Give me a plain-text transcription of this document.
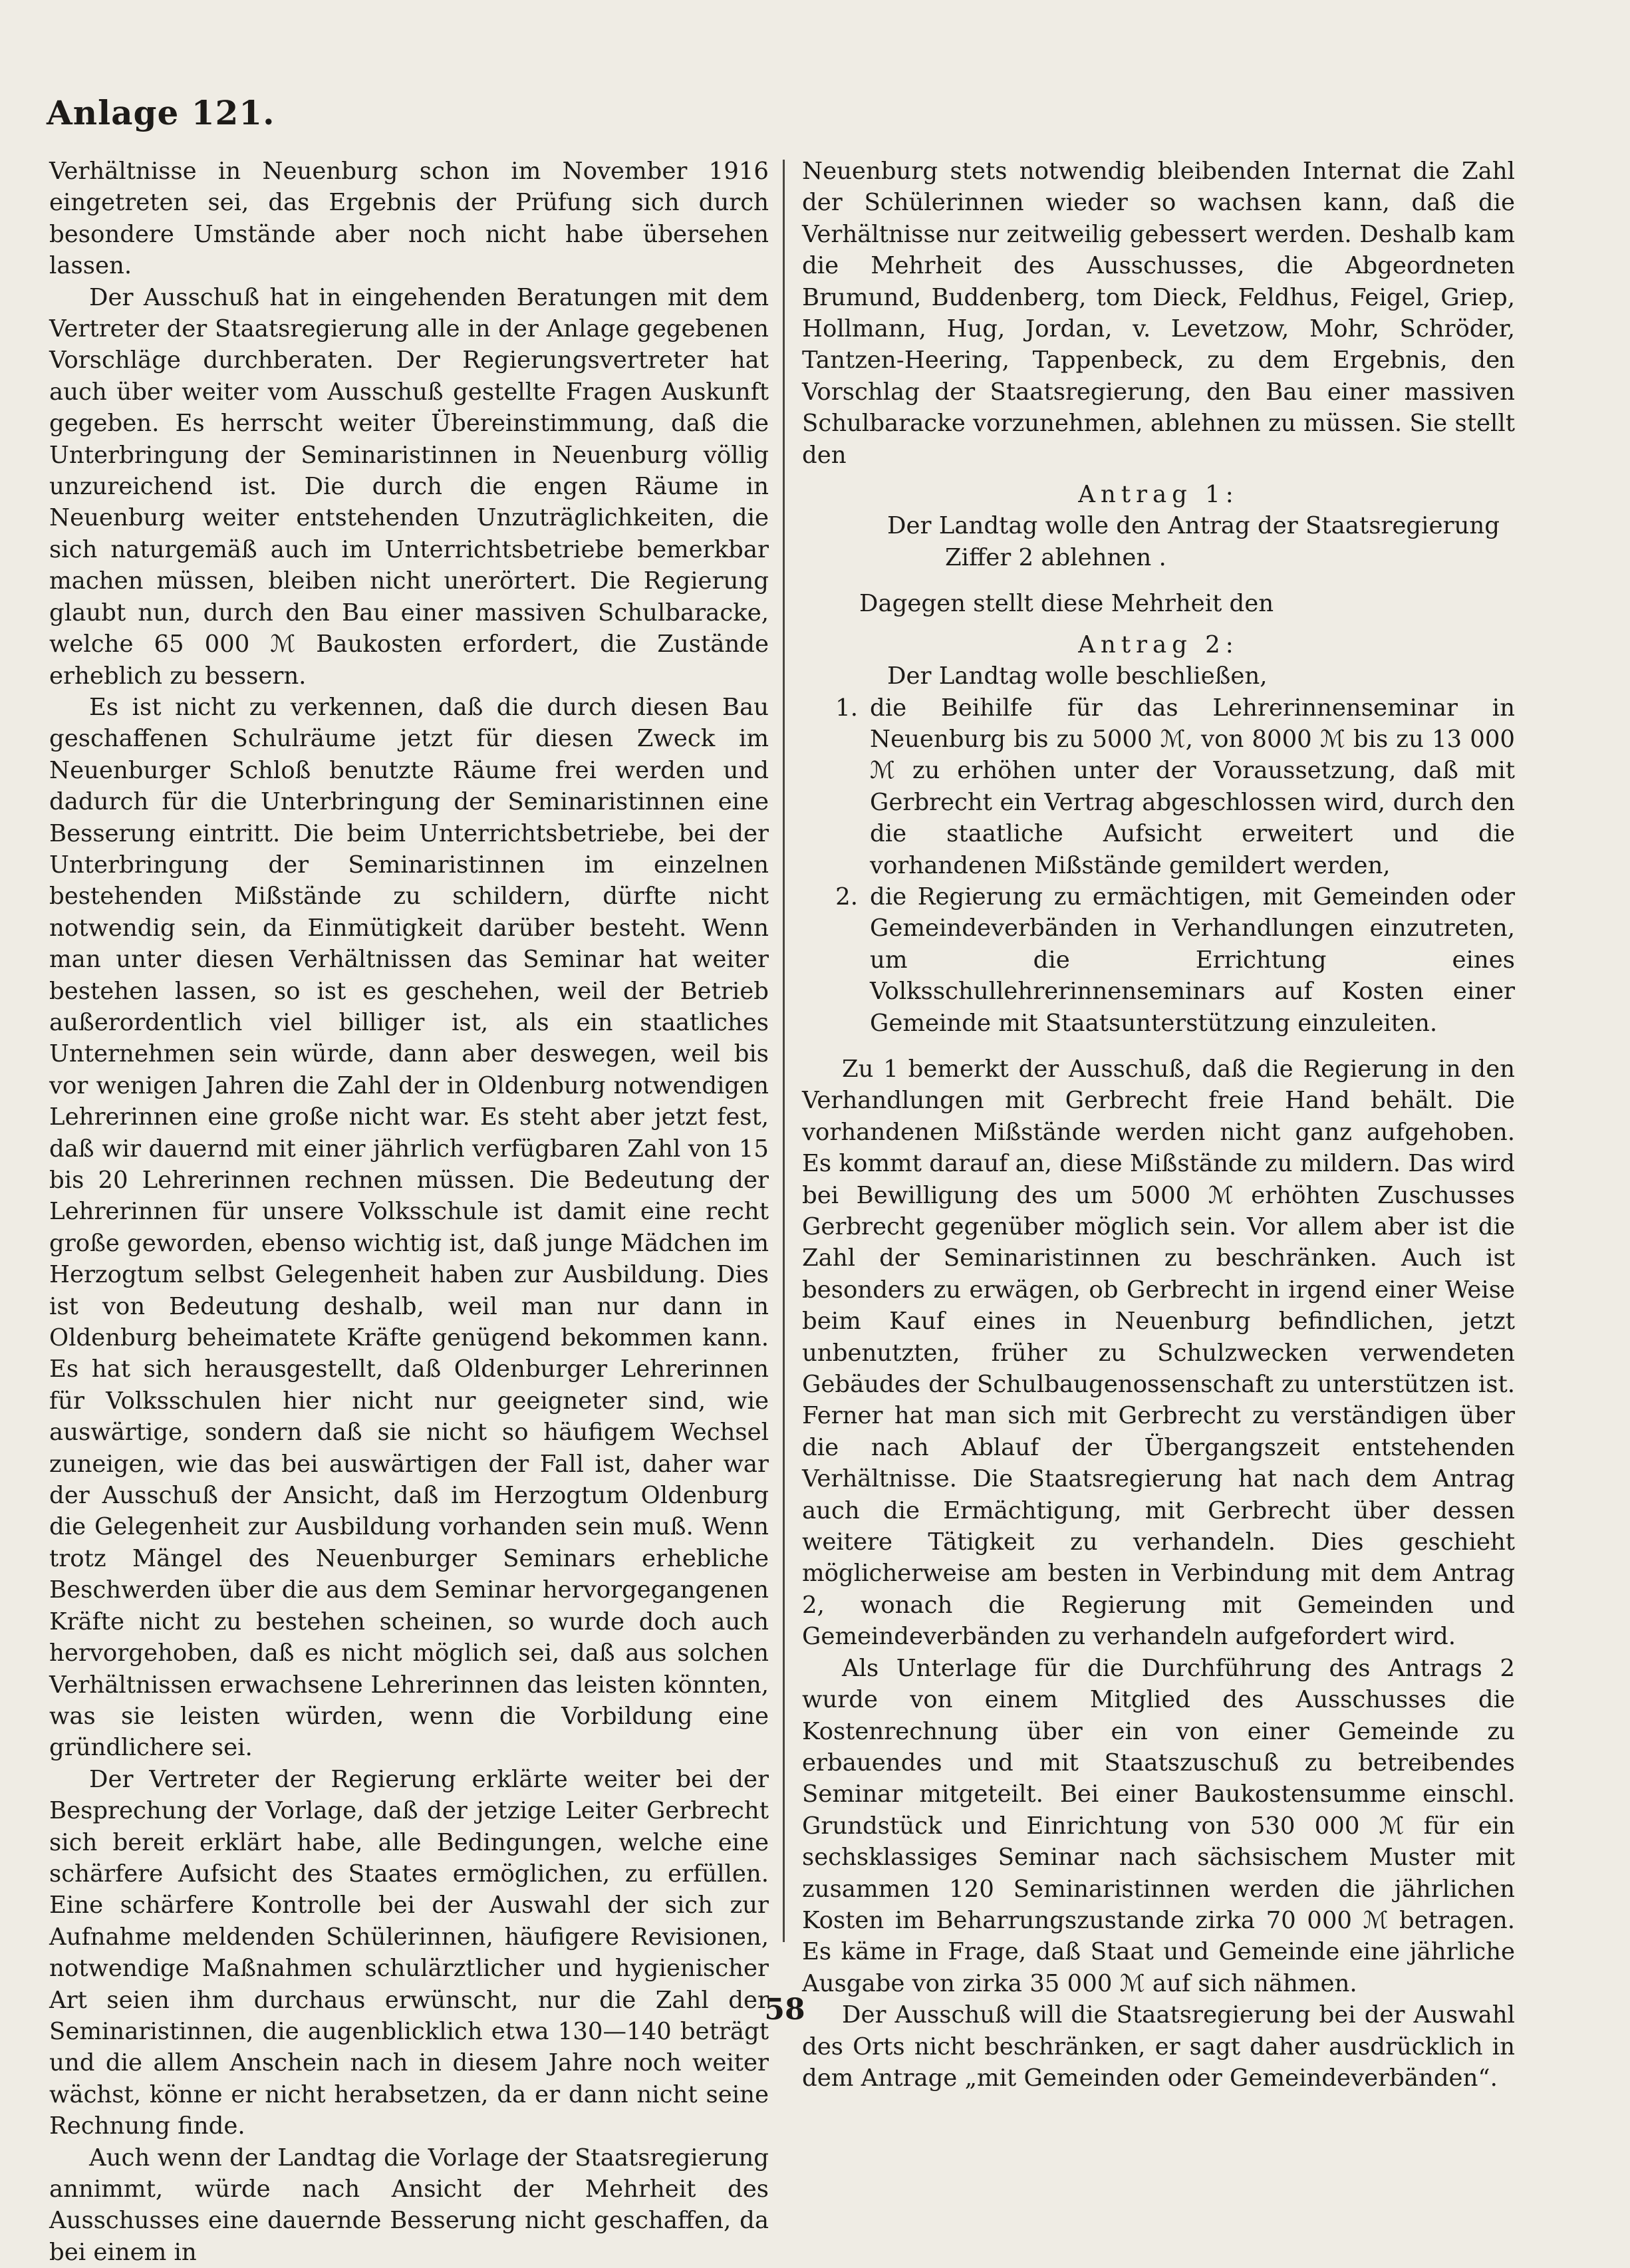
Anlage 121.

Verhältnisse in Neuenburg schon im November 1916 eingetreten sei, das Ergebnis der Prüfung sich durch besondere Umstände aber noch nicht habe übersehen lassen.

Der Ausschuß hat in eingehenden Beratungen mit dem Vertreter der Staatsregierung alle in der Anlage gegebenen Vorschläge durchberaten. Der Regierungsvertreter hat auch über weiter vom Ausschuß gestellte Fragen Auskunft gegeben. Es herrscht weiter Übereinstimmung, daß die Unterbringung der Seminaristinnen in Neuenburg völlig unzureichend ist. Die durch die engen Räume in Neuenburg weiter entstehenden Unzuträglichkeiten, die sich naturgemäß auch im Unterrichtsbetriebe bemerkbar machen müssen, bleiben nicht unerörtert. Die Regierung glaubt nun, durch den Bau einer massiven Schulbaracke, welche 65 000 ℳ Baukosten erfordert, die Zustände erheblich zu bessern.

Es ist nicht zu verkennen, daß die durch diesen Bau geschaffenen Schulräume jetzt für diesen Zweck im Neuenburger Schloß benutzte Räume frei werden und dadurch für die Unterbringung der Seminaristinnen eine Besserung eintritt. Die beim Unterrichtsbetriebe, bei der Unterbringung der Seminaristinnen im einzelnen bestehenden Mißstände zu schildern, dürfte nicht notwendig sein, da Einmütigkeit darüber besteht. Wenn man unter diesen Verhältnissen das Seminar hat weiter bestehen lassen, so ist es geschehen, weil der Betrieb außerordentlich viel billiger ist, als ein staatliches Unternehmen sein würde, dann aber deswegen, weil bis vor wenigen Jahren die Zahl der in Oldenburg notwendigen Lehrerinnen eine große nicht war. Es steht aber jetzt fest, daß wir dauernd mit einer jährlich verfügbaren Zahl von 15 bis 20 Lehrerinnen rechnen müssen. Die Bedeutung der Lehrerinnen für unsere Volksschule ist damit eine recht große geworden, ebenso wichtig ist, daß junge Mädchen im Herzogtum selbst Gelegenheit haben zur Ausbildung. Dies ist von Bedeutung deshalb, weil man nur dann in Oldenburg beheimatete Kräfte genügend bekommen kann. Es hat sich herausgestellt, daß Oldenburger Lehrerinnen für Volksschulen hier nicht nur geeigneter sind, wie auswärtige, sondern daß sie nicht so häufigem Wechsel zuneigen, wie das bei auswärtigen der Fall ist, daher war der Ausschuß der Ansicht, daß im Herzogtum Oldenburg die Gelegenheit zur Ausbildung vorhanden sein muß. Wenn trotz Mängel des Neuenburger Seminars erhebliche Beschwerden über die aus dem Seminar hervorgegangenen Kräfte nicht zu bestehen scheinen, so wurde doch auch hervorgehoben, daß es nicht möglich sei, daß aus solchen Verhältnissen erwachsene Lehrerinnen das leisten könnten, was sie leisten würden, wenn die Vorbildung eine gründlichere sei.

Der Vertreter der Regierung erklärte weiter bei der Besprechung der Vorlage, daß der jetzige Leiter Gerbrecht sich bereit erklärt habe, alle Bedingungen, welche eine schärfere Aufsicht des Staates ermöglichen, zu erfüllen. Eine schärfere Kontrolle bei der Auswahl der sich zur Aufnahme meldenden Schülerinnen, häufigere Revisionen, notwendige Maßnahmen schulärztlicher und hygienischer Art seien ihm durchaus erwünscht, nur die Zahl der Seminaristinnen, die augenblicklich etwa 130—140 beträgt und die allem Anschein nach in diesem Jahre noch weiter wächst, könne er nicht herabsetzen, da er dann nicht seine Rechnung finde.

Auch wenn der Landtag die Vorlage der Staatsregierung annimmt, würde nach Ansicht der Mehrheit des Ausschusses eine dauernde Besserung nicht geschaffen, da bei einem in

Neuenburg stets notwendig bleibenden Internat die Zahl der Schülerinnen wieder so wachsen kann, daß die Verhältnisse nur zeitweilig gebessert werden. Deshalb kam die Mehrheit des Ausschusses, die Abgeordneten Brumund, Buddenberg, tom Dieck, Feldhus, Feigel, Griep, Hollmann, Hug, Jordan, v. Levetzow, Mohr, Schröder, Tantzen-Heering, Tappenbeck, zu dem Ergebnis, den Vorschlag der Staatsregierung, den Bau einer massiven Schulbaracke vorzunehmen, ablehnen zu müssen. Sie stellt den

Antrag 1:

Der Landtag wolle den Antrag der Staatsregierung

Ziffer 2 ablehnen .

Dagegen stellt diese Mehrheit den

Antrag 2:

Der Landtag wolle beschließen,

1. die Beihilfe für das Lehrerinnenseminar in Neuenburg bis zu 5000 ℳ, von 8000 ℳ bis zu 13 000 ℳ zu erhöhen unter der Voraussetzung, daß mit Gerbrecht ein Vertrag abgeschlossen wird, durch den die staatliche Aufsicht erweitert und die vorhandenen Mißstände gemildert werden,
2. die Regierung zu ermächtigen, mit Gemeinden oder Gemeindeverbänden in Verhandlungen einzutreten, um die Errichtung eines Volksschullehrerinnenseminars auf Kosten einer Gemeinde mit Staatsunterstützung einzuleiten.

Zu 1 bemerkt der Ausschuß, daß die Regierung in den Verhandlungen mit Gerbrecht freie Hand behält. Die vorhandenen Mißstände werden nicht ganz aufgehoben. Es kommt darauf an, diese Mißstände zu mildern. Das wird bei Bewilligung des um 5000 ℳ erhöhten Zuschusses Gerbrecht gegenüber möglich sein. Vor allem aber ist die Zahl der Seminaristinnen zu beschränken. Auch ist besonders zu erwägen, ob Gerbrecht in irgend einer Weise beim Kauf eines in Neuenburg befindlichen, jetzt unbenutzten, früher zu Schulzwecken verwendeten Gebäudes der Schulbaugenossenschaft zu unterstützen ist. Ferner hat man sich mit Gerbrecht zu verständigen über die nach Ablauf der Übergangszeit entstehenden Verhältnisse. Die Staatsregierung hat nach dem Antrag auch die Ermächtigung, mit Gerbrecht über dessen weitere Tätigkeit zu verhandeln. Dies geschieht möglicherweise am besten in Verbindung mit dem Antrag 2, wonach die Regierung mit Gemeinden und Gemeindeverbänden zu verhandeln aufgefordert wird.

Als Unterlage für die Durchführung des Antrags 2 wurde von einem Mitglied des Ausschusses die Kostenrechnung über ein von einer Gemeinde zu erbauendes und mit Staatszuschuß zu betreibendes Seminar mitgeteilt. Bei einer Baukostensumme einschl. Grundstück und Einrichtung von 530 000 ℳ für ein sechsklassiges Seminar nach sächsischem Muster mit zusammen 120 Seminaristinnen werden die jährlichen Kosten im Beharrungszustande zirka 70 000 ℳ betragen. Es käme in Frage, daß Staat und Gemeinde eine jährliche Ausgabe von zirka 35 000 ℳ auf sich nähmen.

Der Ausschuß will die Staatsregierung bei der Auswahl des Orts nicht beschränken, er sagt daher ausdrücklich in dem Antrage „mit Gemeinden oder Gemeindeverbänden“.

58
